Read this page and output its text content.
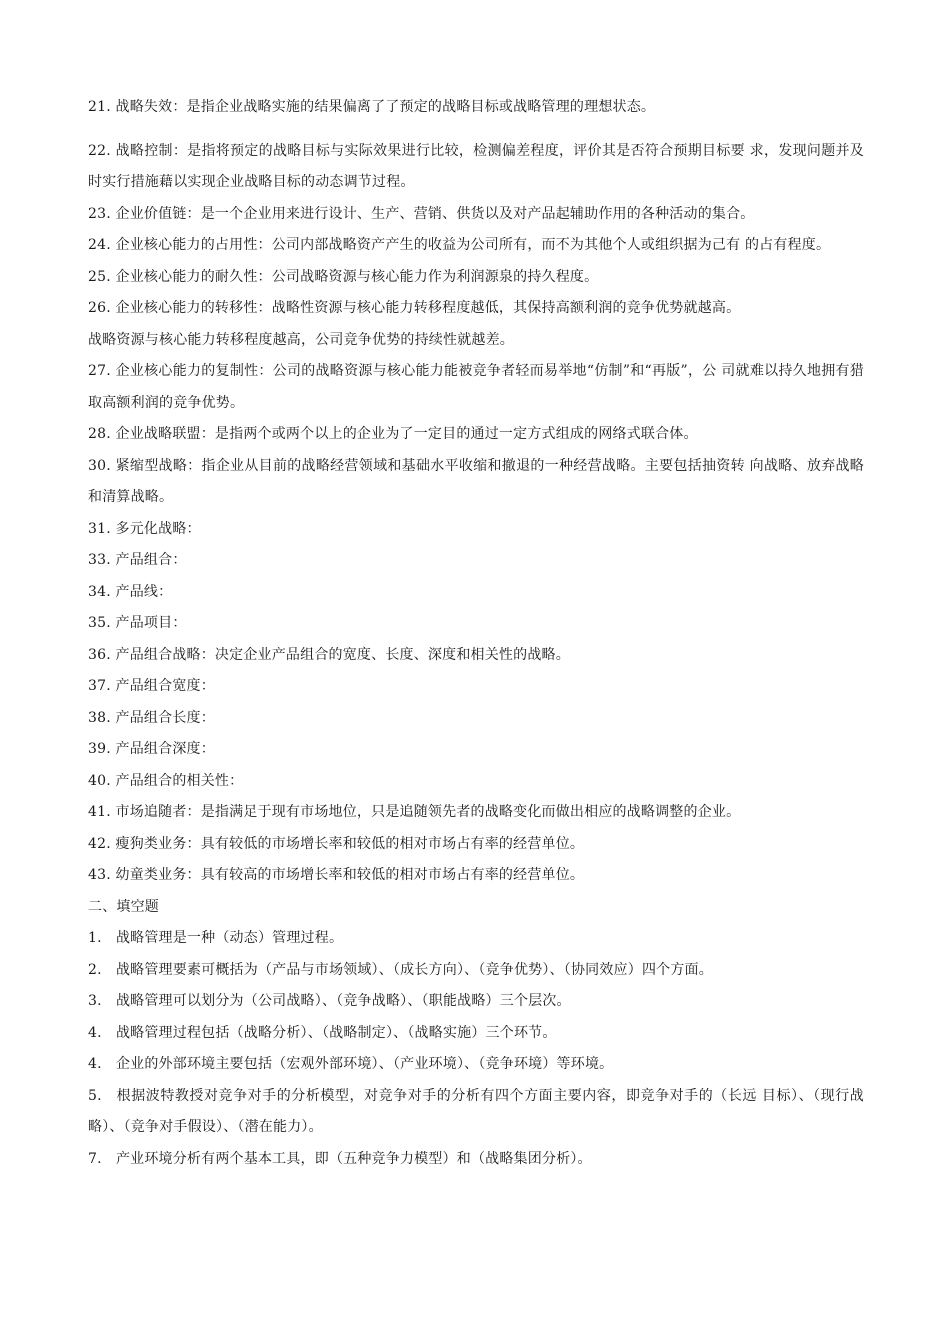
21. 战略失效：是指企业战略实施的结果偏离了了预定的战略目标或战略管理的理想状态。

22. 战略控制：是指将预定的战略目标与实际效果进行比较，检测偏差程度，评价其是否符合预期目标要 求，发现问题并及时实行措施藉以实现企业战略目标的动态调节过程。

23. 企业价值链：是一个企业用来进行设计、生产、营销、供货以及对产品起辅助作用的各种活动的集合。

24. 企业核心能力的占用性：公司内部战略资产产生的收益为公司所有，而不为其他个人或组织据为己有 的占有程度。

25. 企业核心能力的耐久性：公司战略资源与核心能力作为利润源泉的持久程度。

26. 企业核心能力的转移性：战略性资源与核心能力转移程度越低，其保持高额利润的竞争优势就越高。

战略资源与核心能力转移程度越高，公司竞争优势的持续性就越差。

27. 企业核心能力的复制性：公司的战略资源与核心能力能被竞争者轻而易举地“仿制”和“再版”，公 司就难以持久地拥有猎取高额利润的竞争优势。

28. 企业战略联盟：是指两个或两个以上的企业为了一定目的通过一定方式组成的网络式联合体。

30. 紧缩型战略：指企业从目前的战略经营领域和基础水平收缩和撤退的一种经营战略。主要包括抽资转 向战略、放弃战略和清算战略。

31. 多元化战略：

33. 产品组合：

34. 产品线：

35. 产品项目：

36. 产品组合战略：决定企业产品组合的宽度、长度、深度和相关性的战略。

37. 产品组合宽度：

38. 产品组合长度：

39. 产品组合深度：

40. 产品组合的相关性：

41. 市场追随者：是指满足于现有市场地位，只是追随领先者的战略变化而做出相应的战略调整的企业。

42. 瘦狗类业务：具有较低的市场增长率和较低的相对市场占有率的经营单位。

43. 幼童类业务：具有较高的市场增长率和较低的相对市场占有率的经营单位。

二、填空题

1.　战略管理是一种（动态）管理过程。

2.　战略管理要素可概括为（产品与市场领域）、（成长方向）、（竞争优势）、（协同效应）四个方面。

3.　战略管理可以划分为（公司战略）、（竞争战略）、（职能战略）三个层次。

4.　战略管理过程包括（战略分析）、（战略制定）、（战略实施）三个环节。

4.　企业的外部环境主要包括（宏观外部环境）、（产业环境）、（竞争环境）等环境。

5.　根据波特教授对竞争对手的分析模型，对竞争对手的分析有四个方面主要内容，即竞争对手的（长远 目标）、（现行战略）、（竞争对手假设）、（潜在能力）。

7.　产业环境分析有两个基本工具，即（五种竞争力模型）和（战略集团分析）。
